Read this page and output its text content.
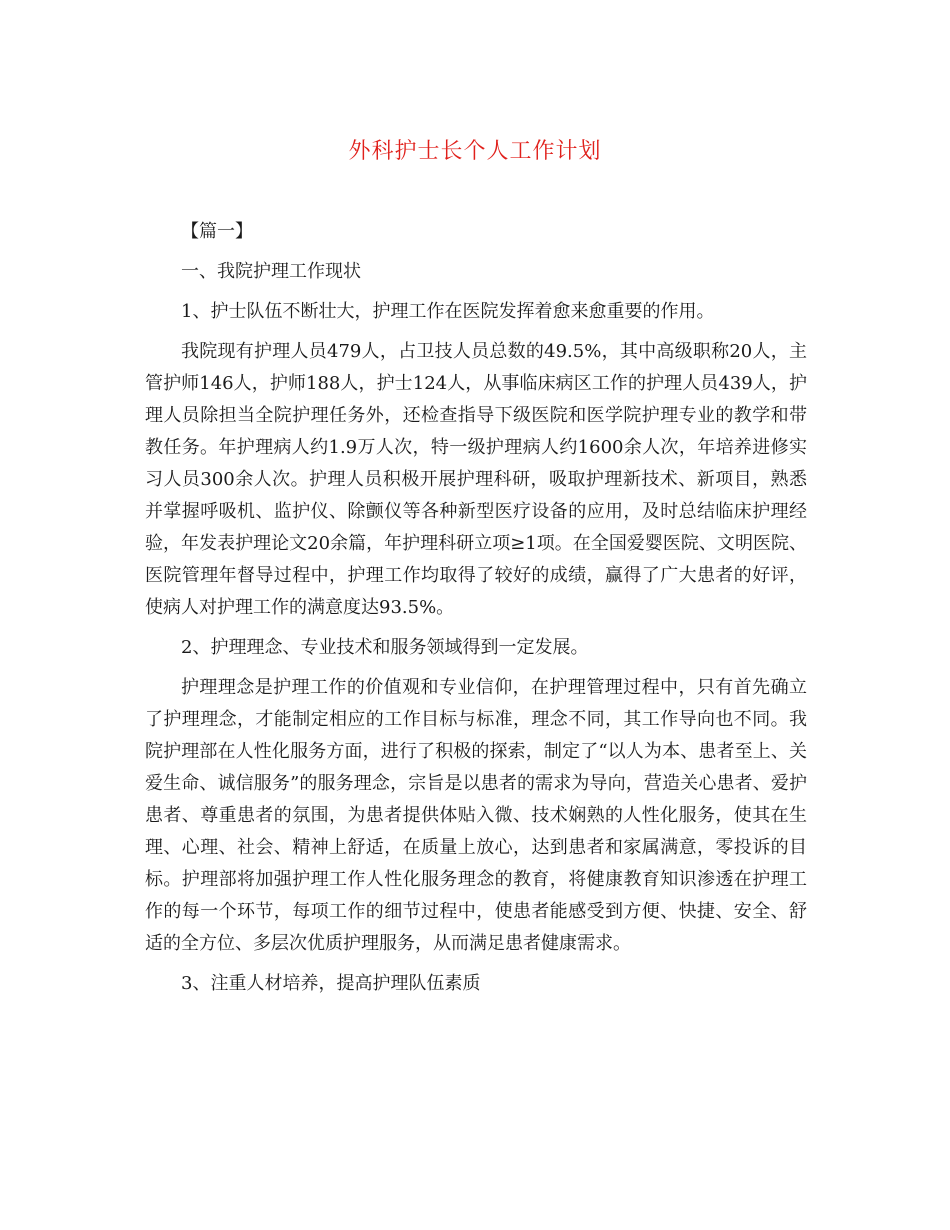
外科护士长个人工作计划

【篇一】

一、我院护理工作现状

1、护士队伍不断壮大，护理工作在医院发挥着愈来愈重要的作用。

我院现有护理人员479人，占卫技人员总数的49.5%，其中高级职称20人，主管护师146人，护师188人，护士124人，从事临床病区工作的护理人员439人，护理人员除担当全院护理任务外，还检查指导下级医院和医学院护理专业的教学和带教任务。年护理病人约1.9万人次，特一级护理病人约1600余人次，年培养进修实习人员300余人次。护理人员积极开展护理科研，吸取护理新技术、新项目，熟悉并掌握呼吸机、监护仪、除颤仪等各种新型医疗设备的应用，及时总结临床护理经验，年发表护理论文20余篇，年护理科研立项≥1项。在全国爱婴医院、文明医院、医院管理年督导过程中，护理工作均取得了较好的成绩，赢得了广大患者的好评，使病人对护理工作的满意度达93.5%。

2、护理理念、专业技术和服务领域得到一定发展。

护理理念是护理工作的价值观和专业信仰，在护理管理过程中，只有首先确立了护理理念，才能制定相应的工作目标与标准，理念不同，其工作导向也不同。我院护理部在人性化服务方面，进行了积极的探索，制定了“以人为本、患者至上、关爱生命、诚信服务”的服务理念，宗旨是以患者的需求为导向，营造关心患者、爱护患者、尊重患者的氛围，为患者提供体贴入微、技术娴熟的人性化服务，使其在生理、心理、社会、精神上舒适，在质量上放心，达到患者和家属满意，零投诉的目标。护理部将加强护理工作人性化服务理念的教育，将健康教育知识渗透在护理工作的每一个环节，每项工作的细节过程中，使患者能感受到方便、快捷、安全、舒适的全方位、多层次优质护理服务，从而满足患者健康需求。

3、注重人材培养，提高护理队伍素质
